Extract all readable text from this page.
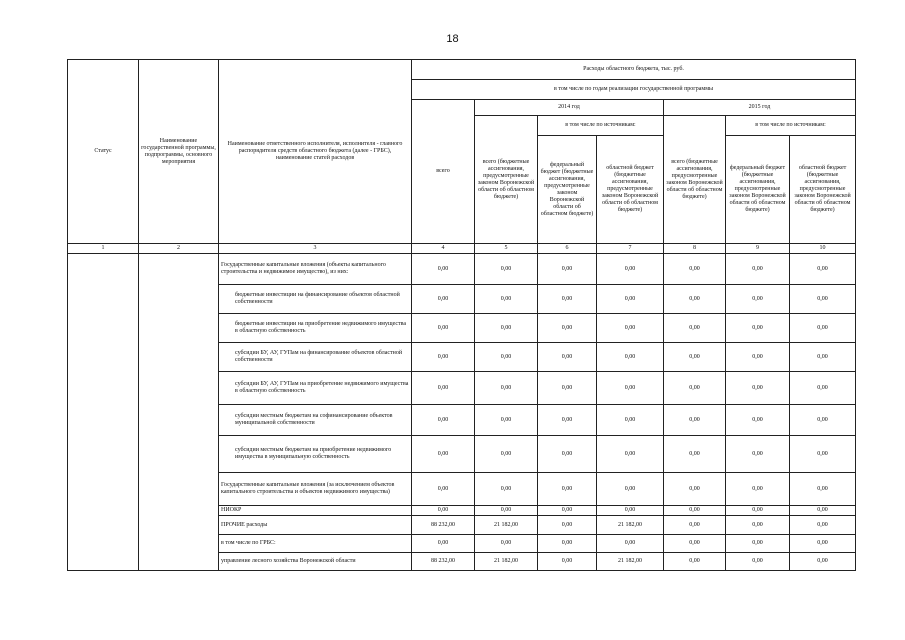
18
Статус	Наименование государственной программы, подпрограммы, основного мероприятия	Наименование ответственного исполнителя, исполнителя - главного распорядителя средств областного бюджета (далее - ГРБС), наименование статей расходов	Расходы областного бюджета, тыс. руб.						
			в том числе по годам реализации государственной программы						
			всего	2014 год			2015 год		
				всего (бюджетные ассигнования, предусмотренные законом Воронежской области об областном бюджете)	в том числе по источникам:		всего (бюджетные ассигнования, предусмотренные законом Воронежской области об областном бюджете)	в том числе по источникам:	
					федеральный бюджет (бюджетные ассигнования, предусмотренные законом Воронежской области об областном бюджете)	областной бюджет (бюджетные ассигнования, предусмотренные законом Воронежской области об областном бюджете)		федеральный бюджет (бюджетные ассигнования, предусмотренные законом Воронежской области об областном бюджете)	областной бюджет (бюджетные ассигнования, предусмотренные законом Воронежской области об областном бюджете)
1	2	3	4	5	6	7	8	9	10
		Государственные капитальные вложения (объекты капитального строительства и недвижимое имущество), из них:	0,00	0,00	0,00	0,00	0,00	0,00	0,00
		бюджетные инвестиции на финансирование объектов областной собственности	0,00	0,00	0,00	0,00	0,00	0,00	0,00
		бюджетные инвестиции на приобретение недвижимого имущества в областную собственность	0,00	0,00	0,00	0,00	0,00	0,00	0,00
		субсидии БУ, АУ, ГУПам на финансирование объектов областной собственности	0,00	0,00	0,00	0,00	0,00	0,00	0,00
		субсидии БУ, АУ, ГУПам на приобретение недвижимого имущества в областную собственность	0,00	0,00	0,00	0,00	0,00	0,00	0,00
		субсидии местным бюджетам на софинансирование объектов муниципальной собственности	0,00	0,00	0,00	0,00	0,00	0,00	0,00
		субсидии местным бюджетам на приобретение недвижимого имущества в муниципальную собственность	0,00	0,00	0,00	0,00	0,00	0,00	0,00
		Государственные капитальные вложения (за исключением объектов капитального строительства и объектов недвижимого имущества)	0,00	0,00	0,00	0,00	0,00	0,00	0,00
		НИОКР	0,00	0,00	0,00	0,00	0,00	0,00	0,00
		ПРОЧИЕ расходы	88 232,00	21 182,00	0,00	21 182,00	0,00	0,00	0,00
		в том числе по ГРБС:	0,00	0,00	0,00	0,00	0,00	0,00	0,00
		управление лесного хозяйства Воронежской области	88 232,00	21 182,00	0,00	21 182,00	0,00	0,00	0,00
